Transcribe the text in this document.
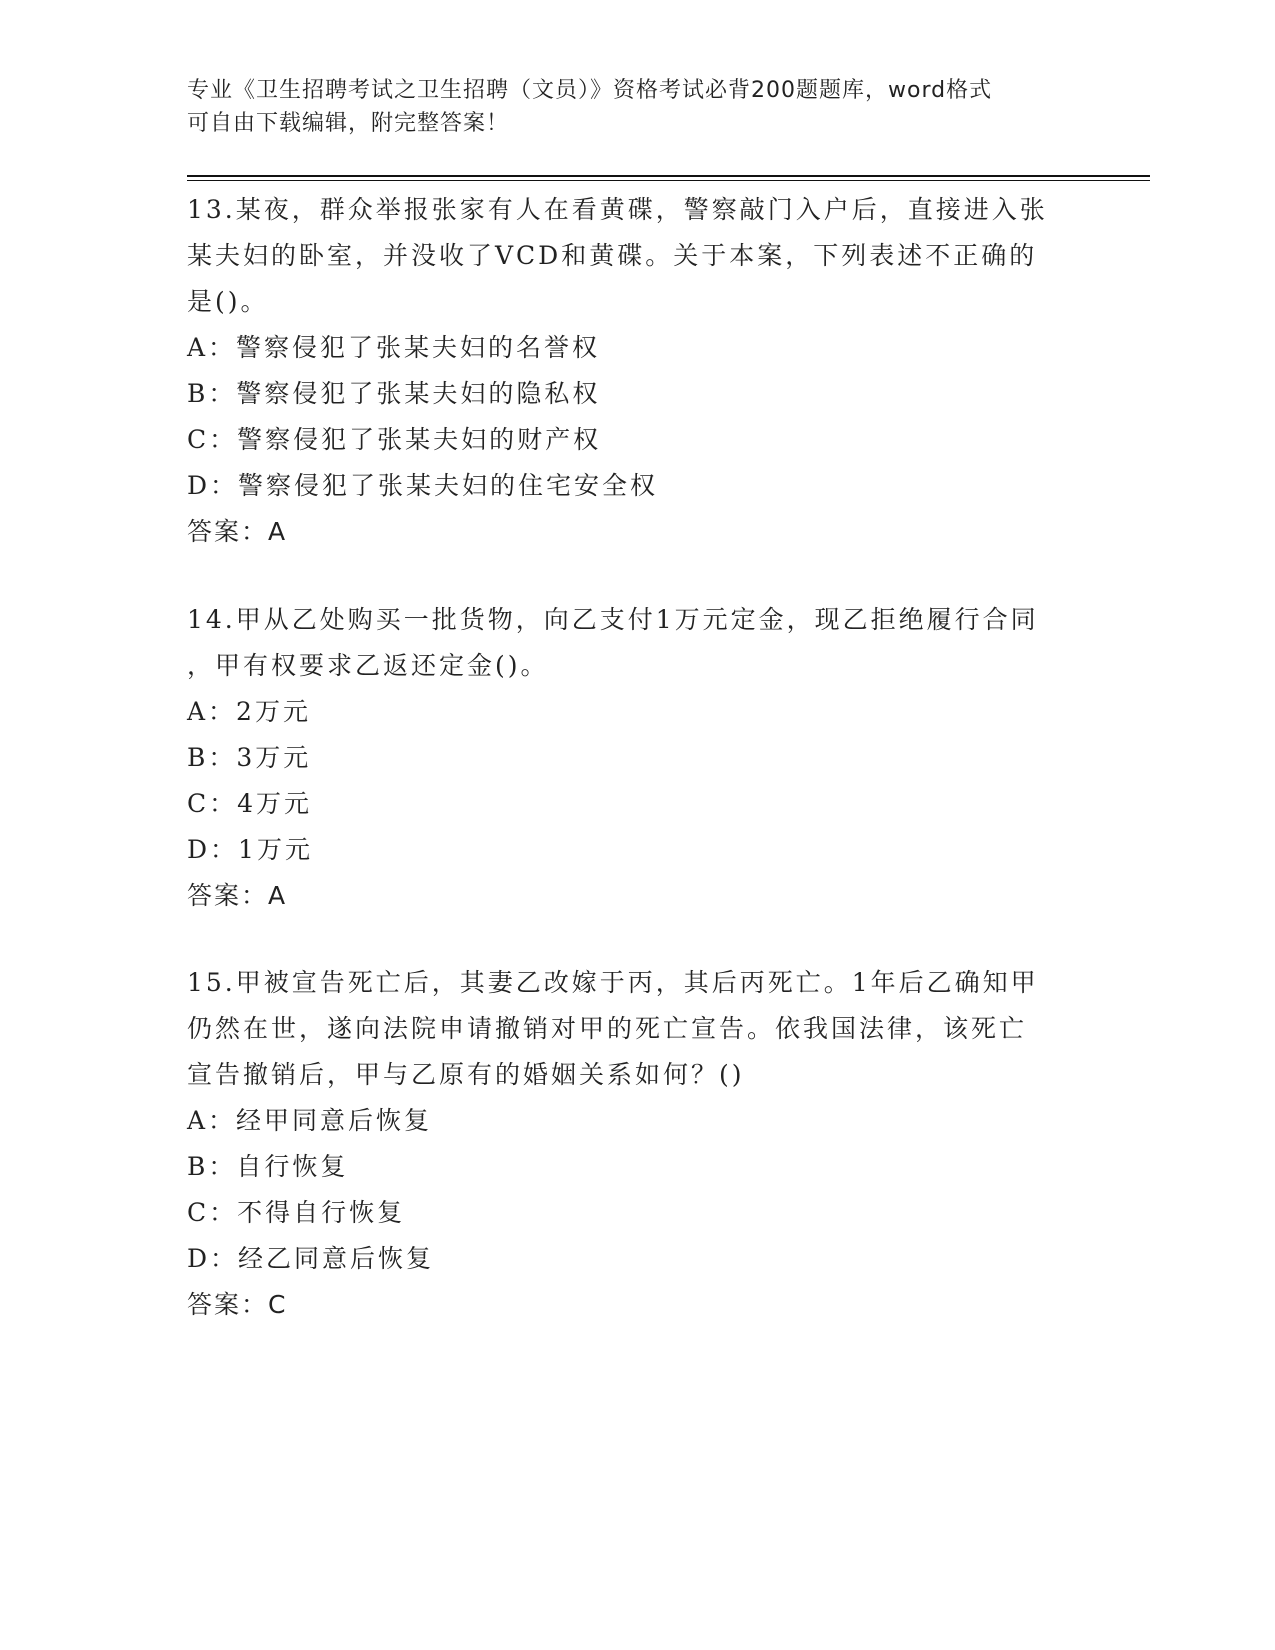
专业《卫生招聘考试之卫生招聘（文员）》资格考试必背200题题库，word格式
可自由下载编辑，附完整答案！

13.某夜，群众举报张家有人在看黄碟，警察敲门入户后，直接进入张

某夫妇的卧室，并没收了VCD和黄碟。关于本案，下列表述不正确的

是()。

A：警察侵犯了张某夫妇的名誉权

B：警察侵犯了张某夫妇的隐私权

C：警察侵犯了张某夫妇的财产权

D：警察侵犯了张某夫妇的住宅安全权

答案：A

14.甲从乙处购买一批货物，向乙支付1万元定金，现乙拒绝履行合同

，甲有权要求乙返还定金()。

A：2万元

B：3万元

C：4万元

D：1万元

答案：A

15.甲被宣告死亡后，其妻乙改嫁于丙，其后丙死亡。1年后乙确知甲

仍然在世，遂向法院申请撤销对甲的死亡宣告。依我国法律，该死亡

宣告撤销后，甲与乙原有的婚姻关系如何？()

A：经甲同意后恢复

B：自行恢复

C：不得自行恢复

D：经乙同意后恢复

答案：C
